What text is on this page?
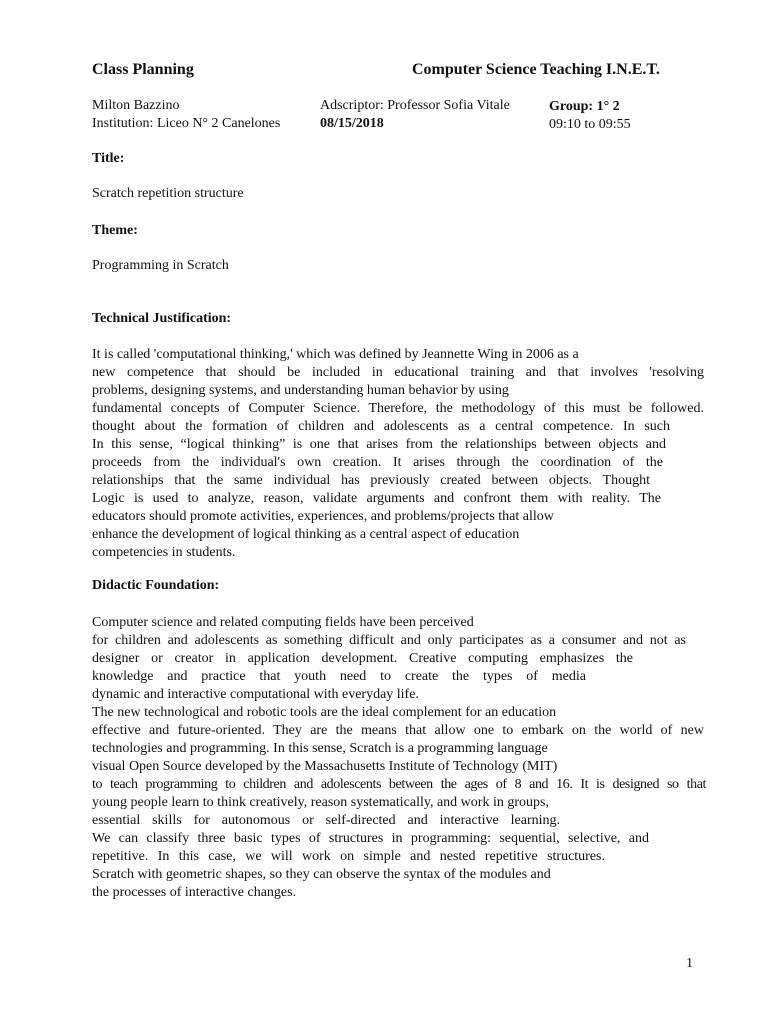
Class Planning	Computer Science Teaching I.N.E.T.
Milton Bazzino
Institution: Liceo N° 2 Canelones
Adscriptor: Professor Sofia Vitale
08/15/2018
Group: 1° 2
09:10 to 09:55
Title:
Scratch repetition structure
Theme:
Programming in Scratch
Technical Justification:
It is called 'computational thinking,' which was defined by Jeannette Wing in 2006 as a
new competence that should be included in educational training and that involves 'resolving
problems, designing systems, and understanding human behavior by using
fundamental concepts of Computer Science. Therefore, the methodology of this must be followed.
thought about the formation of children and adolescents as a central competence. In such
In this sense, “logical thinking” is one that arises from the relationships between objects and
proceeds from the individual's own creation. It arises through the coordination of the
relationships that the same individual has previously created between objects. Thought
Logic is used to analyze, reason, validate arguments and confront them with reality. The
educators should promote activities, experiences, and problems/projects that allow
enhance the development of logical thinking as a central aspect of education
competencies in students.
Didactic Foundation:
Computer science and related computing fields have been perceived
for children and adolescents as something difficult and only participates as a consumer and not as
designer or creator in application development. Creative computing emphasizes the
knowledge and practice that youth need to create the types of media
dynamic and interactive computational with everyday life.
The new technological and robotic tools are the ideal complement for an education
effective and future-oriented. They are the means that allow one to embark on the world of new
technologies and programming. In this sense, Scratch is a programming language
visual Open Source developed by the Massachusetts Institute of Technology (MIT)
to teach programming to children and adolescents between the ages of 8 and 16. It is designed so that
young people learn to think creatively, reason systematically, and work in groups,
essential skills for autonomous or self-directed and interactive learning.
We can classify three basic types of structures in programming: sequential, selective, and
repetitive. In this case, we will work on simple and nested repetitive structures.
Scratch with geometric shapes, so they can observe the syntax of the modules and
the processes of interactive changes.
1
